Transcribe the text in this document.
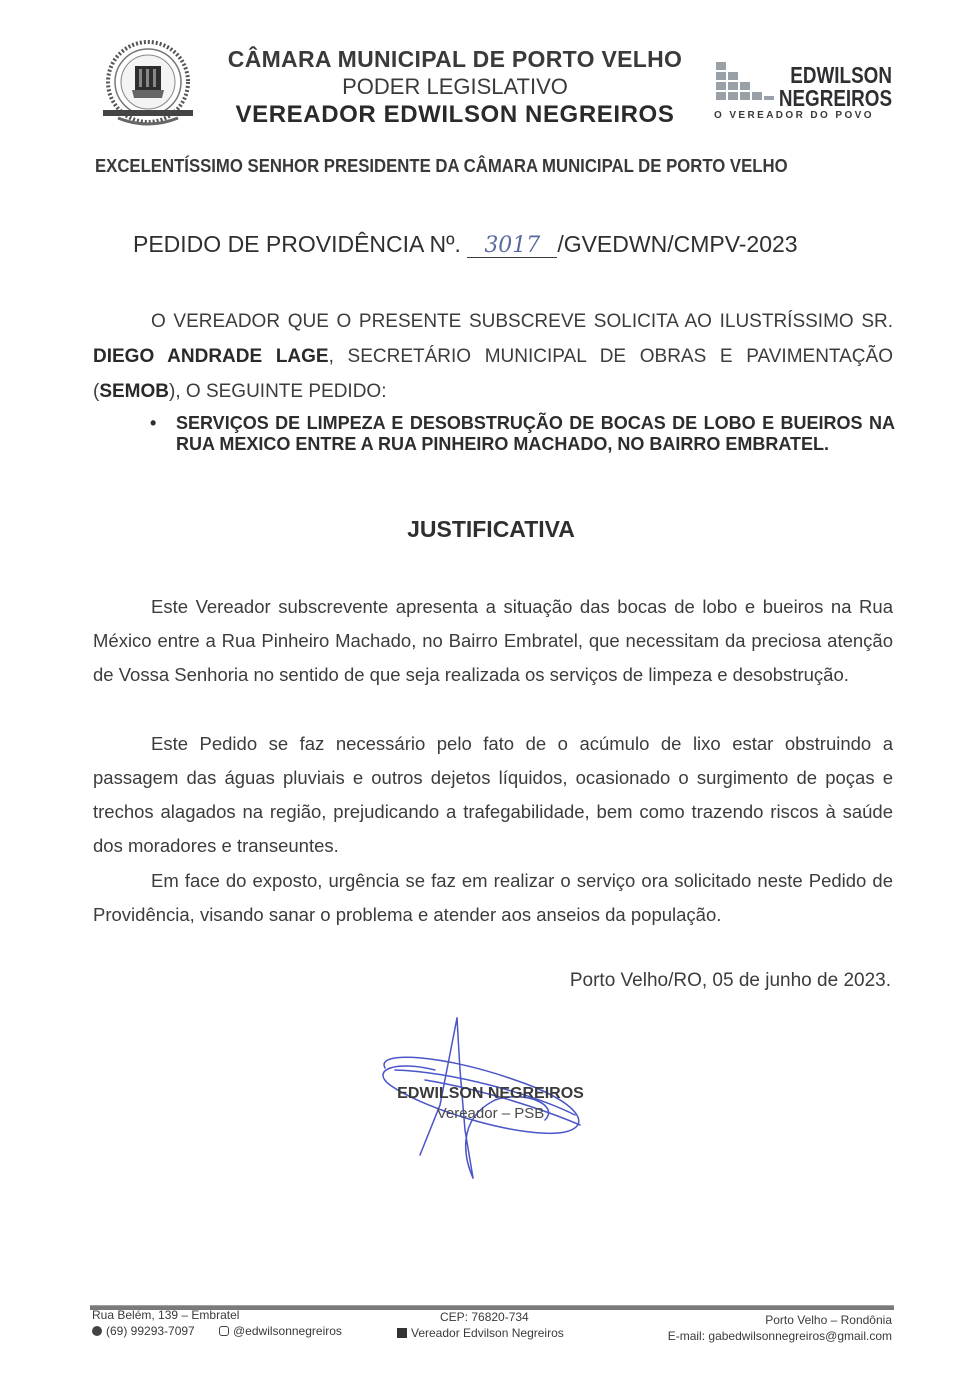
CÂMARA MUNICIPAL DE PORTO VELHO
PODER LEGISLATIVO
VEREADOR EDWILSON NEGREIROS
EDWILSON
NEGREIROS
O VEREADOR DO POVO
EXCELENTÍSSIMO SENHOR PRESIDENTE DA CÂMARA MUNICIPAL DE PORTO VELHO
PEDIDO DE PROVIDÊNCIA Nº. 3017 /GVEDWN/CMPV-2023
O VEREADOR QUE O PRESENTE SUBSCREVE SOLICITA AO ILUSTRÍSSIMO SR. DIEGO ANDRADE LAGE, SECRETÁRIO MUNICIPAL DE OBRAS E PAVIMENTAÇÃO (SEMOB), O SEGUINTE PEDIDO:
• SERVIÇOS DE LIMPEZA E DESOBSTRUÇÃO DE BOCAS DE LOBO E BUEIROS NA RUA MEXICO ENTRE A RUA PINHEIRO MACHADO, NO BAIRRO EMBRATEL.
JUSTIFICATIVA
Este Vereador subscrevente apresenta a situação das bocas de lobo e bueiros na Rua México entre a Rua Pinheiro Machado, no Bairro Embratel, que necessitam da preciosa atenção de Vossa Senhoria no sentido de que seja realizada os serviços de limpeza e desobstrução.
Este Pedido se faz necessário pelo fato de o acúmulo de lixo estar obstruindo a passagem das águas pluviais e outros dejetos líquidos, ocasionado o surgimento de poças e trechos alagados na região, prejudicando a trafegabilidade, bem como trazendo riscos à saúde dos moradores e transeuntes.
Em face do exposto, urgência se faz em realizar o serviço ora solicitado neste Pedido de Providência, visando sanar o problema e atender aos anseios da população.
Porto Velho/RO, 05 de junho de 2023.
EDWILSON NEGREIROS
Vereador – PSB
Rua Belém, 139 – Embratel
(69) 99293-7097	@edwilsonnegreiros
CEP: 76820-734
Vereador Edvilson Negreiros
Porto Velho – Rondônia
E-mail: gabedwilsonnegreiros@gmail.com
